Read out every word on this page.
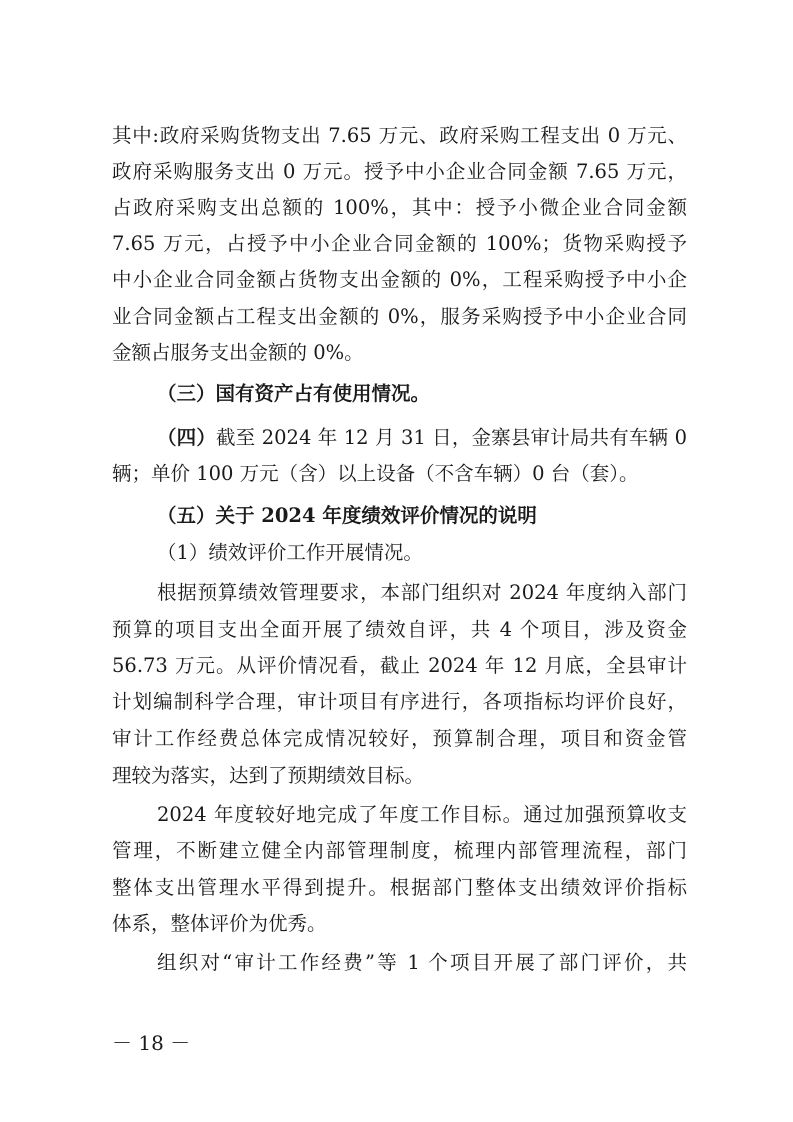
其中:政府采购货物支出 7.65 万元、政府采购工程支出 0 万元、
政府采购服务支出 0 万元。授予中小企业合同金额 7.65 万元，
占政府采购支出总额的 100%，其中：授予小微企业合同金额
7.65 万元，占授予中小企业合同金额的 100%；货物采购授予
中小企业合同金额占货物支出金额的 0%，工程采购授予中小企
业合同金额占工程支出金额的 0%，服务采购授予中小企业合同
金额占服务支出金额的 0%。
（三）国有资产占有使用情况。
（四）截至 2024 年 12 月 31 日，金寨县审计局共有车辆 0
辆；单价 100 万元（含）以上设备（不含车辆）0 台（套）。
（五）关于 2024 年度绩效评价情况的说明
（1）绩效评价工作开展情况。
根据预算绩效管理要求，本部门组织对 2024 年度纳入部门
预算的项目支出全面开展了绩效自评，共 4 个项目，涉及资金
56.73 万元。从评价情况看，截止 2024 年 12 月底，全县审计
计划编制科学合理，审计项目有序进行，各项指标均评价良好，
审计工作经费总体完成情况较好，预算制合理，项目和资金管
理较为落实，达到了预期绩效目标。
2024 年度较好地完成了年度工作目标。通过加强预算收支
管理，不断建立健全内部管理制度，梳理内部管理流程，部门
整体支出管理水平得到提升。根据部门整体支出绩效评价指标
体系，整体评价为优秀。
组织对“审计工作经费”等 1 个项目开展了部门评价，共
－ 18 －
